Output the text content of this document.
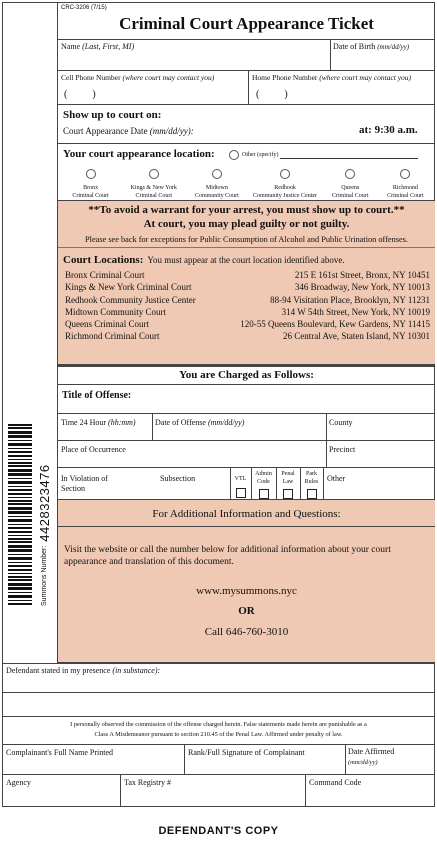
Summons Number:
4428323476
CRC-3206 (7/15)
Criminal Court Appearance Ticket
Name (Last, First, MI)	Date of Birth (mm/dd/yy)
Cell Phone Number (where court may contact you)
(          )
Home Phone Number (where court may contact you)
(          )
Show up to court on:
Court Appearance Date (mm/dd/yy):	at: 9:30 a.m.
Your court appearance location:	Other (specify)
Bronx
Criminal Court
Kings & New York
Criminal Court
Midtown
Community Court
Redhook
Community Justice Center
Queens
Criminal Court
Richmond
Criminal Court
**To avoid a warrant for your arrest, you must show up to court.**
At court, you may plead guilty or not guilty.
Please see back for exceptions for Public Consumption of Alcohol and Public Urination offenses.
Court Locations: You must appear at the court location identified above.
Bronx Criminal Court	215 E 161st Street, Bronx, NY 10451
Kings & New York Criminal Court	346 Broadway, New York, NY 10013
Redhook Community Justice Center	88-94 Visitation Place, Brooklyn, NY 11231
Midtown Community Court	314 W 54th Street, New York, NY 10019
Queens Criminal Court	120-55 Queens Boulevard, Kew Gardens, NY 11415
Richmond Criminal Court	26 Central Ave, Staten Island, NY 10301
You are Charged as Follows:
Title of Offense:
Time 24 Hour (hh:mm) Date of Offense (mm/dd/yy)	County
Place of Occurrence	Precinct
In Violation of Section
Subsection	VTL
Admin Code
Penal Law
Park Rules	Other
For Additional Information and Questions:
Visit the website or call the number below for additional information about your court appearance and translation of this document.
www.mysummons.nyc
OR
Call 646-760-3010
Defendant stated in my presence (in substance):
I personally observed the commission of the offense charged herein. False statements made herein are punishable as a
Class A Misdemeanor pursuant to section 210.45 of the Penal Law. Affirmed under penalty of law.
Complainant's Full Name Printed	Rank/Full Signature of Complainant	Date Affirmed
(mm/dd/yy)
Agency	Tax Registry #	Command Code
DEFENDANT'S COPY
